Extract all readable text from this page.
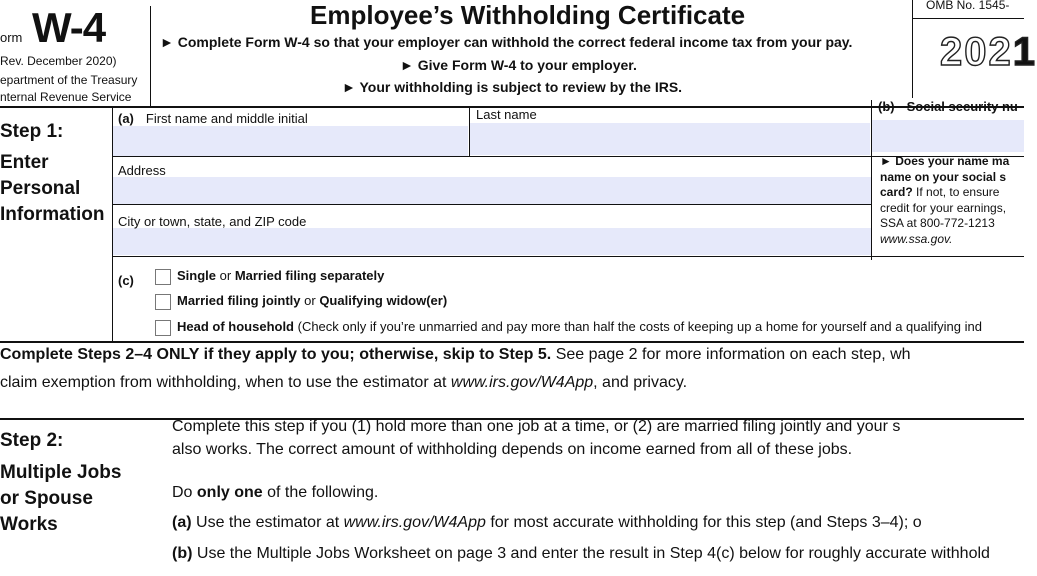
orm W-4
Rev. December 2020)
epartment of the Treasury
nternal Revenue Service
Employee’s Withholding Certificate
► Complete Form W-4 so that your employer can withhold the correct federal income tax from your pay.
► Give Form W-4 to your employer.
► Your withholding is subject to review by the IRS.
OMB No. 1545-
2021
Step 1:
Enter
Personal
Information
(a) First name and middle initial	Last name
(b) Social security nu
Address
City or town, state, and ZIP code
► Does your name ma
name on your social s
card? If not, to ensure
credit for your earnings,
SSA at 800-772-1213
www.ssa.gov.
(c)	Single or Married filing separately
Married filing jointly or Qualifying widow(er)
Head of household (Check only if you’re unmarried and pay more than half the costs of keeping up a home for yourself and a qualifying ind
Complete Steps 2–4 ONLY if they apply to you; otherwise, skip to Step 5. See page 2 for more information on each step, wh
claim exemption from withholding, when to use the estimator at www.irs.gov/W4App, and privacy.
Step 2:
Multiple Jobs
or Spouse
Works
Complete this step if you (1) hold more than one job at a time, or (2) are married filing jointly and your s
also works. The correct amount of withholding depends on income earned from all of these jobs.
Do only one of the following.
(a) Use the estimator at www.irs.gov/W4App for most accurate withholding for this step (and Steps 3–4); o
(b) Use the Multiple Jobs Worksheet on page 3 and enter the result in Step 4(c) below for roughly accurate withhold
